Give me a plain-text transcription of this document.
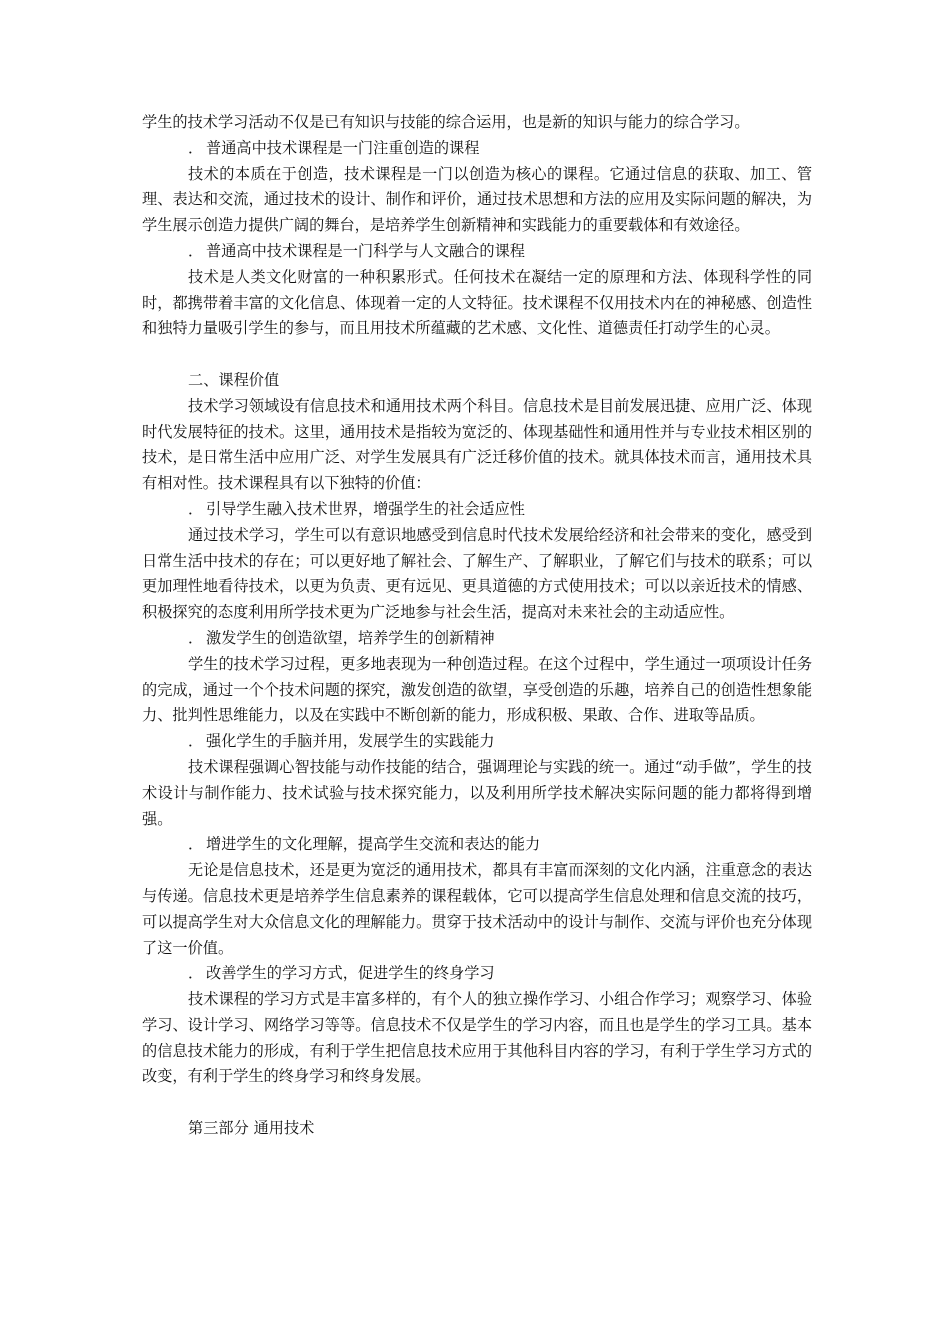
学生的技术学习活动不仅是已有知识与技能的综合运用，也是新的知识与能力的综合学习。

． 普通高中技术课程是一门注重创造的课程

技术的本质在于创造，技术课程是一门以创造为核心的课程。它通过信息的获取、加工、管理、表达和交流，通过技术的设计、制作和评价，通过技术思想和方法的应用及实际问题的解决，为学生展示创造力提供广阔的舞台，是培养学生创新精神和实践能力的重要载体和有效途径。

． 普通高中技术课程是一门科学与人文融合的课程

技术是人类文化财富的一种积累形式。任何技术在凝结一定的原理和方法、体现科学性的同时，都携带着丰富的文化信息、体现着一定的人文特征。技术课程不仅用技术内在的神秘感、创造性和独特力量吸引学生的参与，而且用技术所蕴藏的艺术感、文化性、道德责任打动学生的心灵。

二、课程价值

技术学习领域设有信息技术和通用技术两个科目。信息技术是目前发展迅捷、应用广泛、体现时代发展特征的技术。这里，通用技术是指较为宽泛的、体现基础性和通用性并与专业技术相区别的技术，是日常生活中应用广泛、对学生发展具有广泛迁移价值的技术。就具体技术而言，通用技术具有相对性。技术课程具有以下独特的价值：

． 引导学生融入技术世界，增强学生的社会适应性

通过技术学习，学生可以有意识地感受到信息时代技术发展给经济和社会带来的变化，感受到日常生活中技术的存在；可以更好地了解社会、了解生产、了解职业，了解它们与技术的联系；可以更加理性地看待技术，以更为负责、更有远见、更具道德的方式使用技术；可以以亲近技术的情感、积极探究的态度利用所学技术更为广泛地参与社会生活，提高对未来社会的主动适应性。

． 激发学生的创造欲望，培养学生的创新精神

学生的技术学习过程，更多地表现为一种创造过程。在这个过程中，学生通过一项项设计任务的完成，通过一个个技术问题的探究，激发创造的欲望，享受创造的乐趣，培养自己的创造性想象能力、批判性思维能力，以及在实践中不断创新的能力，形成积极、果敢、合作、进取等品质。

． 强化学生的手脑并用，发展学生的实践能力

技术课程强调心智技能与动作技能的结合，强调理论与实践的统一。通过“动手做”，学生的技术设计与制作能力、技术试验与技术探究能力，以及利用所学技术解决实际问题的能力都将得到增强。

． 增进学生的文化理解，提高学生交流和表达的能力

无论是信息技术，还是更为宽泛的通用技术，都具有丰富而深刻的文化内涵，注重意念的表达与传递。信息技术更是培养学生信息素养的课程载体，它可以提高学生信息处理和信息交流的技巧，可以提高学生对大众信息文化的理解能力。贯穿于技术活动中的设计与制作、交流与评价也充分体现了这一价值。

． 改善学生的学习方式，促进学生的终身学习

技术课程的学习方式是丰富多样的，有个人的独立操作学习、小组合作学习；观察学习、体验学习、设计学习、网络学习等等。信息技术不仅是学生的学习内容，而且也是学生的学习工具。基本的信息技术能力的形成，有利于学生把信息技术应用于其他科目内容的学习，有利于学生学习方式的改变，有利于学生的终身学习和终身发展。

第三部分 通用技术
